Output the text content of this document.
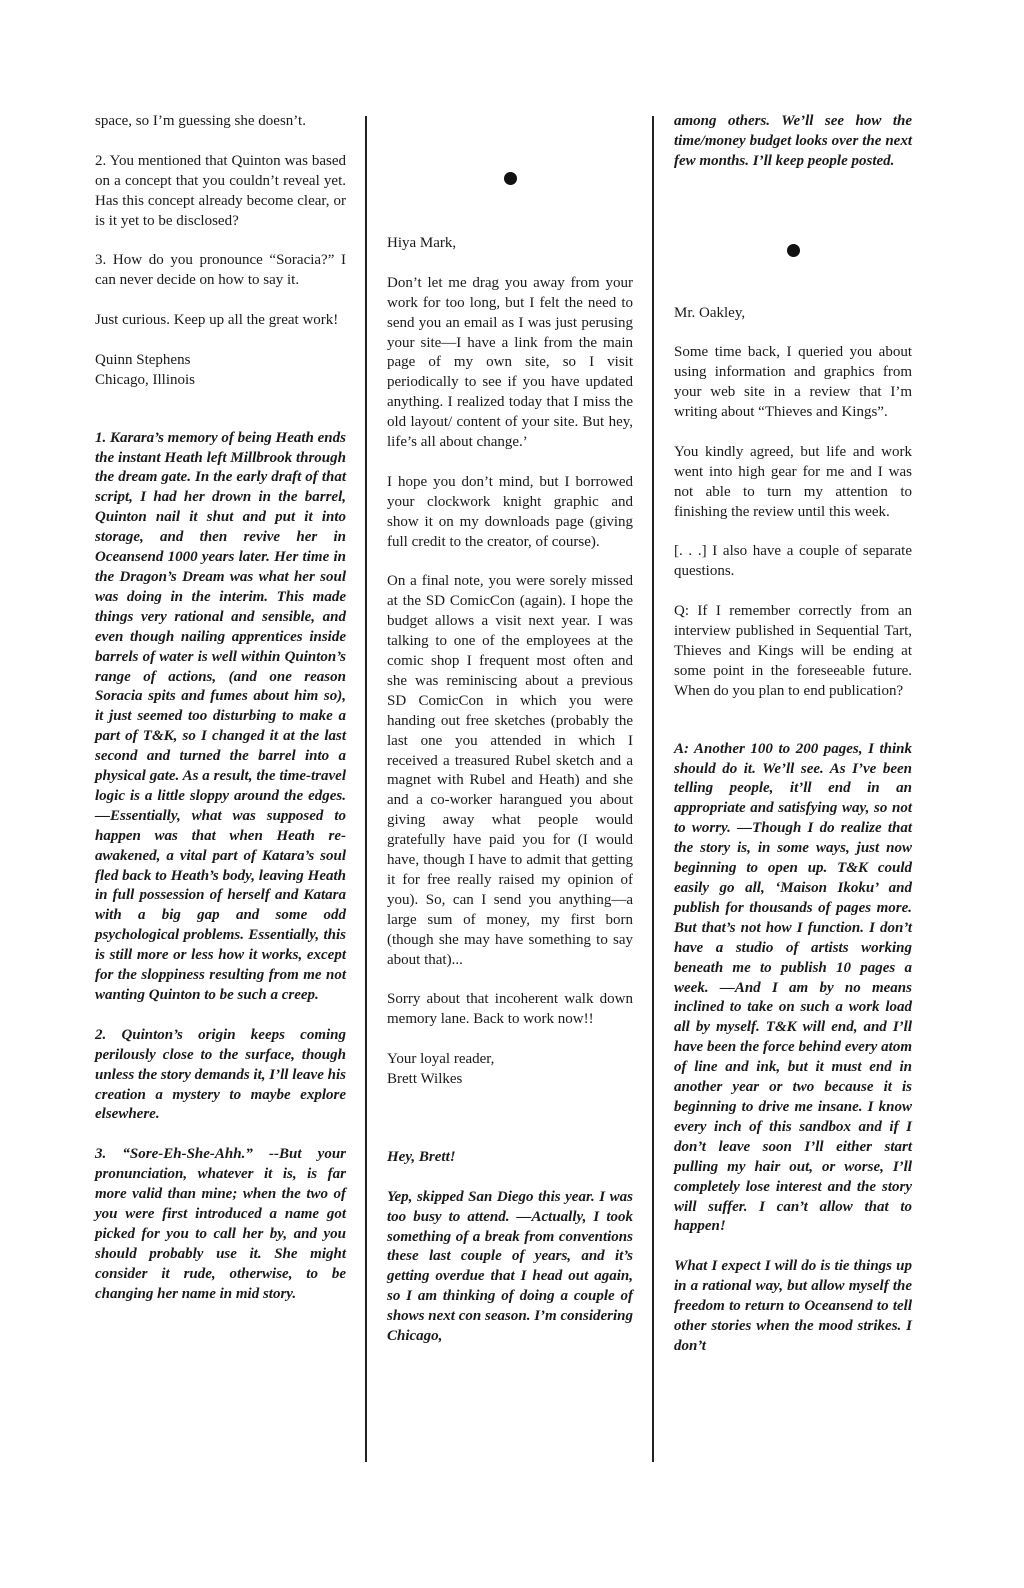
space, so I’m guessing she doesn’t.

2. You mentioned that Quinton was based on a concept that you couldn’t reveal yet. Has this concept already become clear, or is it yet to be disclosed?

3. How do you pronounce “Soracia?” I can never decide on how to say it.

Just curious. Keep up all the great work!

Quinn Stephens

Chicago, Illinois

1. Karara’s memory of being Heath ends the instant Heath left Millbrook through the dream gate. In the early draft of that script, I had her drown in the barrel, Quinton nail it shut and put it into storage, and then revive her in Oceansend 1000 years later. Her time in the Dragon’s Dream was what her soul was doing in the interim. This made things very rational and sensible, and even though nailing apprentices inside barrels of water is well within Quinton’s range of actions, (and one reason Soracia spits and fumes about him so), it just seemed too disturbing to make a part of T&K, so I changed it at the last second and turned the barrel into a physical gate. As a result, the time-travel logic is a little sloppy around the edges. —Essentially, what was supposed to happen was that when Heath re-awakened, a vital part of Katara’s soul fled back to Heath’s body, leaving Heath in full possession of herself and Katara with a big gap and some odd psychological problems. Essentially, this is still more or less how it works, except for the sloppiness resulting from me not wanting Quinton to be such a creep.

2. Quinton’s origin keeps coming perilously close to the surface, though unless the story demands it, I’ll leave his creation a mystery to maybe explore elsewhere.

3. “Sore-Eh-She-Ahh.” --But your pronunciation, whatever it is, is far more valid than mine; when the two of you were first introduced a name got picked for you to call her by, and you should probably use it. She might consider it rude, otherwise, to be changing her name in mid story.

Hiya Mark,

Don’t let me drag you away from your work for too long, but I felt the need to send you an email as I was just perusing your site—I have a link from the main page of my own site, so I visit periodically to see if you have updated anything. I realized today that I miss the old layout/ content of your site. But hey, life’s all about change.’

I hope you don’t mind, but I borrowed your clockwork knight graphic and show it on my downloads page (giving full credit to the creator, of course).

On a final note, you were sorely missed at the SD ComicCon (again). I hope the budget allows a visit next year. I was talking to one of the employees at the comic shop I frequent most often and she was reminiscing about a previous SD ComicCon in which you were handing out free sketches (probably the last one you attended in which I received a treasured Rubel sketch and a magnet with Rubel and Heath) and she and a co-worker harangued you about giving away what people would gratefully have paid you for (I would have, though I have to admit that getting it for free really raised my opinion of you). So, can I send you anything—a large sum of money, my first born (though she may have something to say about that)...

Sorry about that incoherent walk down memory lane. Back to work now!!

Your loyal reader,

Brett Wilkes

Hey, Brett!

Yep, skipped San Diego this year. I was too busy to attend. —Actually, I took something of a break from conventions these last couple of years, and it’s getting overdue that I head out again, so I am thinking of doing a couple of shows next con season. I’m considering Chicago,

among others. We’ll see how the time/money budget looks over the next few months. I’ll keep people posted.

Mr. Oakley,

Some time back, I queried you about using information and graphics from your web site in a review that I’m writing about “Thieves and Kings”.

You kindly agreed, but life and work went into high gear for me and I was not able to turn my attention to finishing the review until this week.

[. . .] I also have a couple of separate questions.

Q: If I remember correctly from an interview published in Sequential Tart, Thieves and Kings will be ending at some point in the foreseeable future. When do you plan to end publication?

A: Another 100 to 200 pages, I think should do it. We’ll see. As I’ve been telling people, it’ll end in an appropriate and satisfying way, so not to worry. —Though I do realize that the story is, in some ways, just now beginning to open up. T&K could easily go all, ‘Maison Ikoku’ and publish for thousands of pages more. But that’s not how I function. I don’t have a studio of artists working beneath me to publish 10 pages a week. —And I am by no means inclined to take on such a work load all by myself. T&K will end, and I’ll have been the force behind every atom of line and ink, but it must end in another year or two because it is beginning to drive me insane. I know every inch of this sandbox and if I don’t leave soon I’ll either start pulling my hair out, or worse, I’ll completely lose interest and the story will suffer. I can’t allow that to happen!

What I expect I will do is tie things up in a rational way, but allow myself the freedom to return to Oceansend to tell other stories when the mood strikes. I don’t
